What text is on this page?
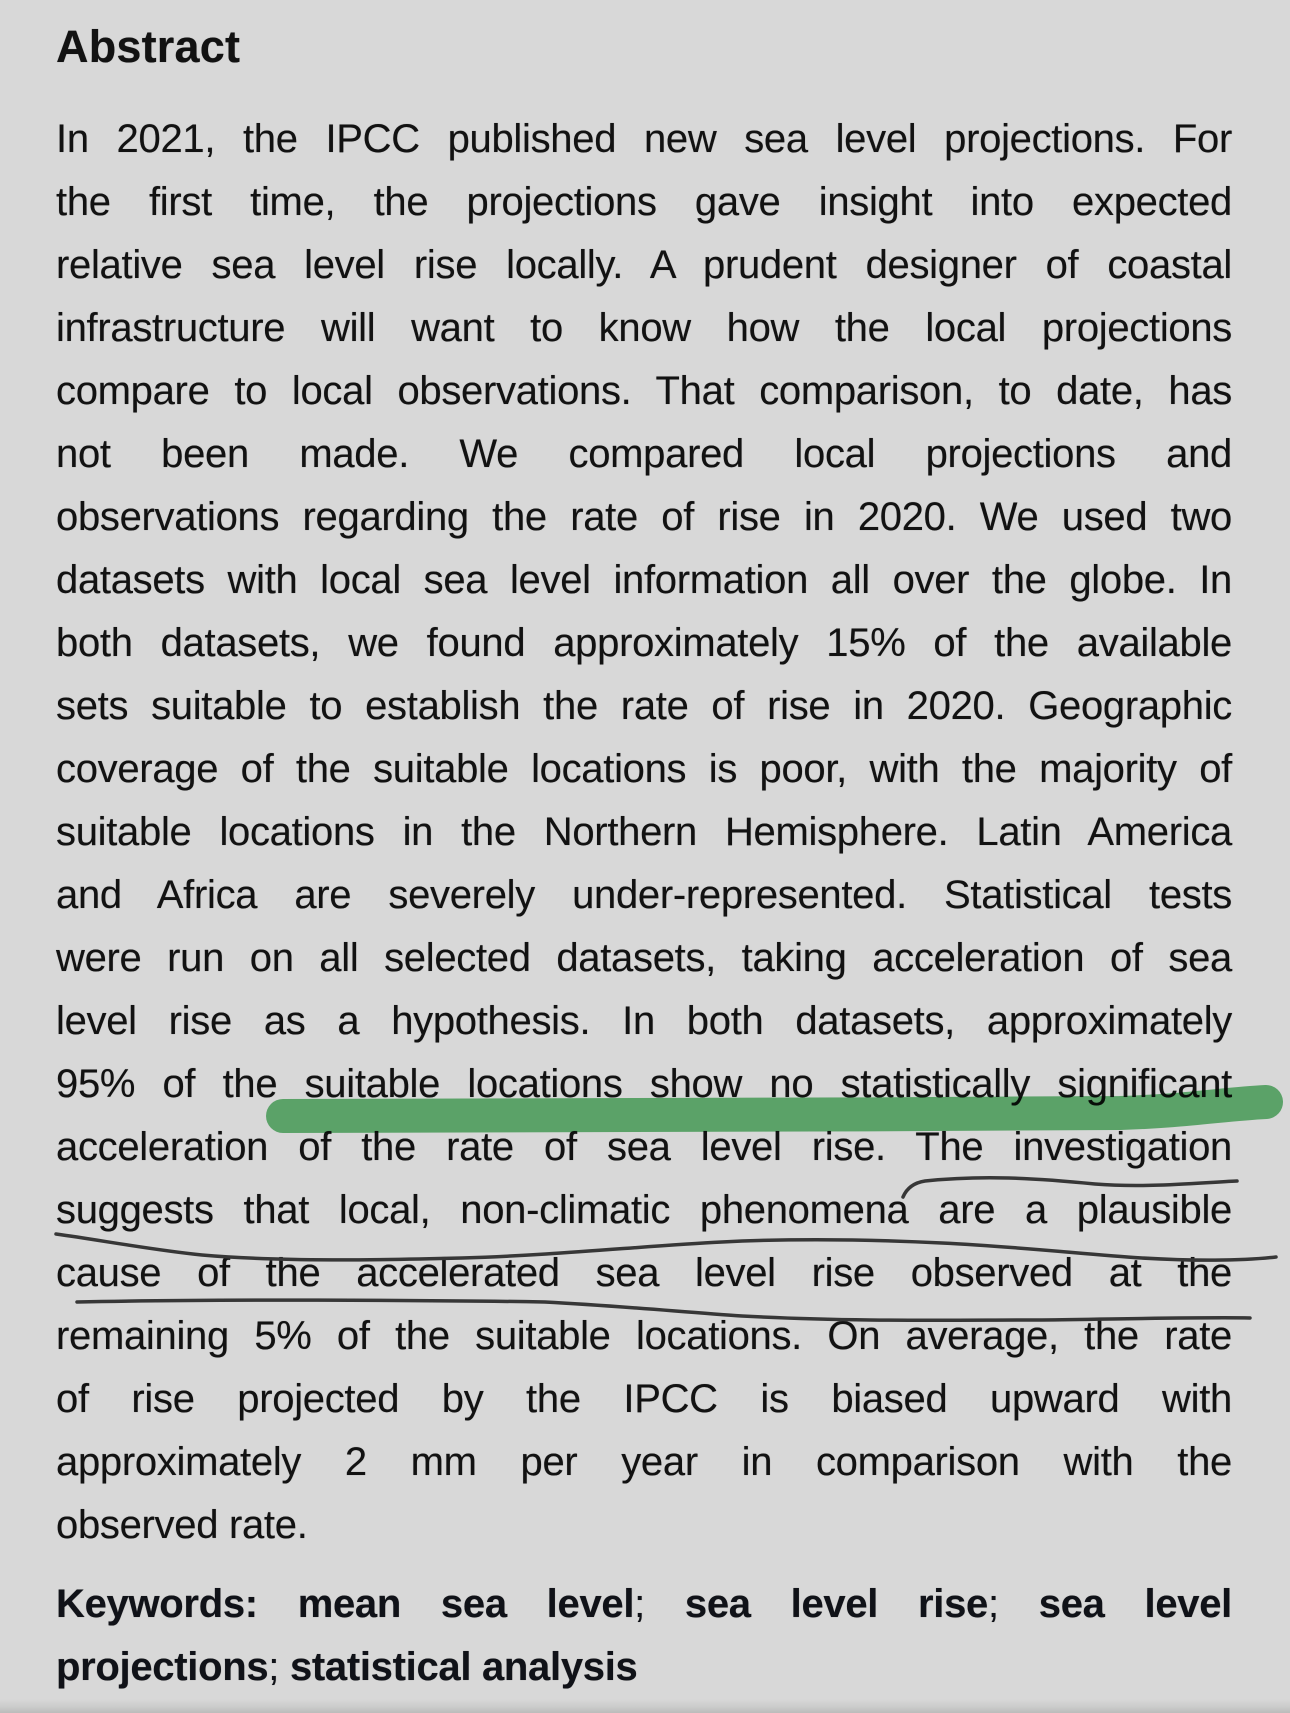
Abstract
In 2021, the IPCC published new sea level projections. For
the first time, the projections gave insight into expected
relative sea level rise locally. A prudent designer of coastal
infrastructure will want to know how the local projections
compare to local observations. That comparison, to date, has
not been made. We compared local projections and
observations regarding the rate of rise in 2020. We used two
datasets with local sea level information all over the globe. In
both datasets, we found approximately 15% of the available
sets suitable to establish the rate of rise in 2020. Geographic
coverage of the suitable locations is poor, with the majority of
suitable locations in the Northern Hemisphere. Latin America
and Africa are severely under-represented. Statistical tests
were run on all selected datasets, taking acceleration of sea
level rise as a hypothesis. In both datasets, approximately
95% of the suitable locations show no statistically significant
acceleration of the rate of sea level rise. The investigation
suggests that local, non-climatic phenomena are a plausible
cause of the accelerated sea level rise observed at the
remaining 5% of the suitable locations. On average, the rate
of rise projected by the IPCC is biased upward with
approximately 2 mm per year in comparison with the
observed rate.
Keywords: mean sea level; sea level rise; sea level
projections; statistical analysis
